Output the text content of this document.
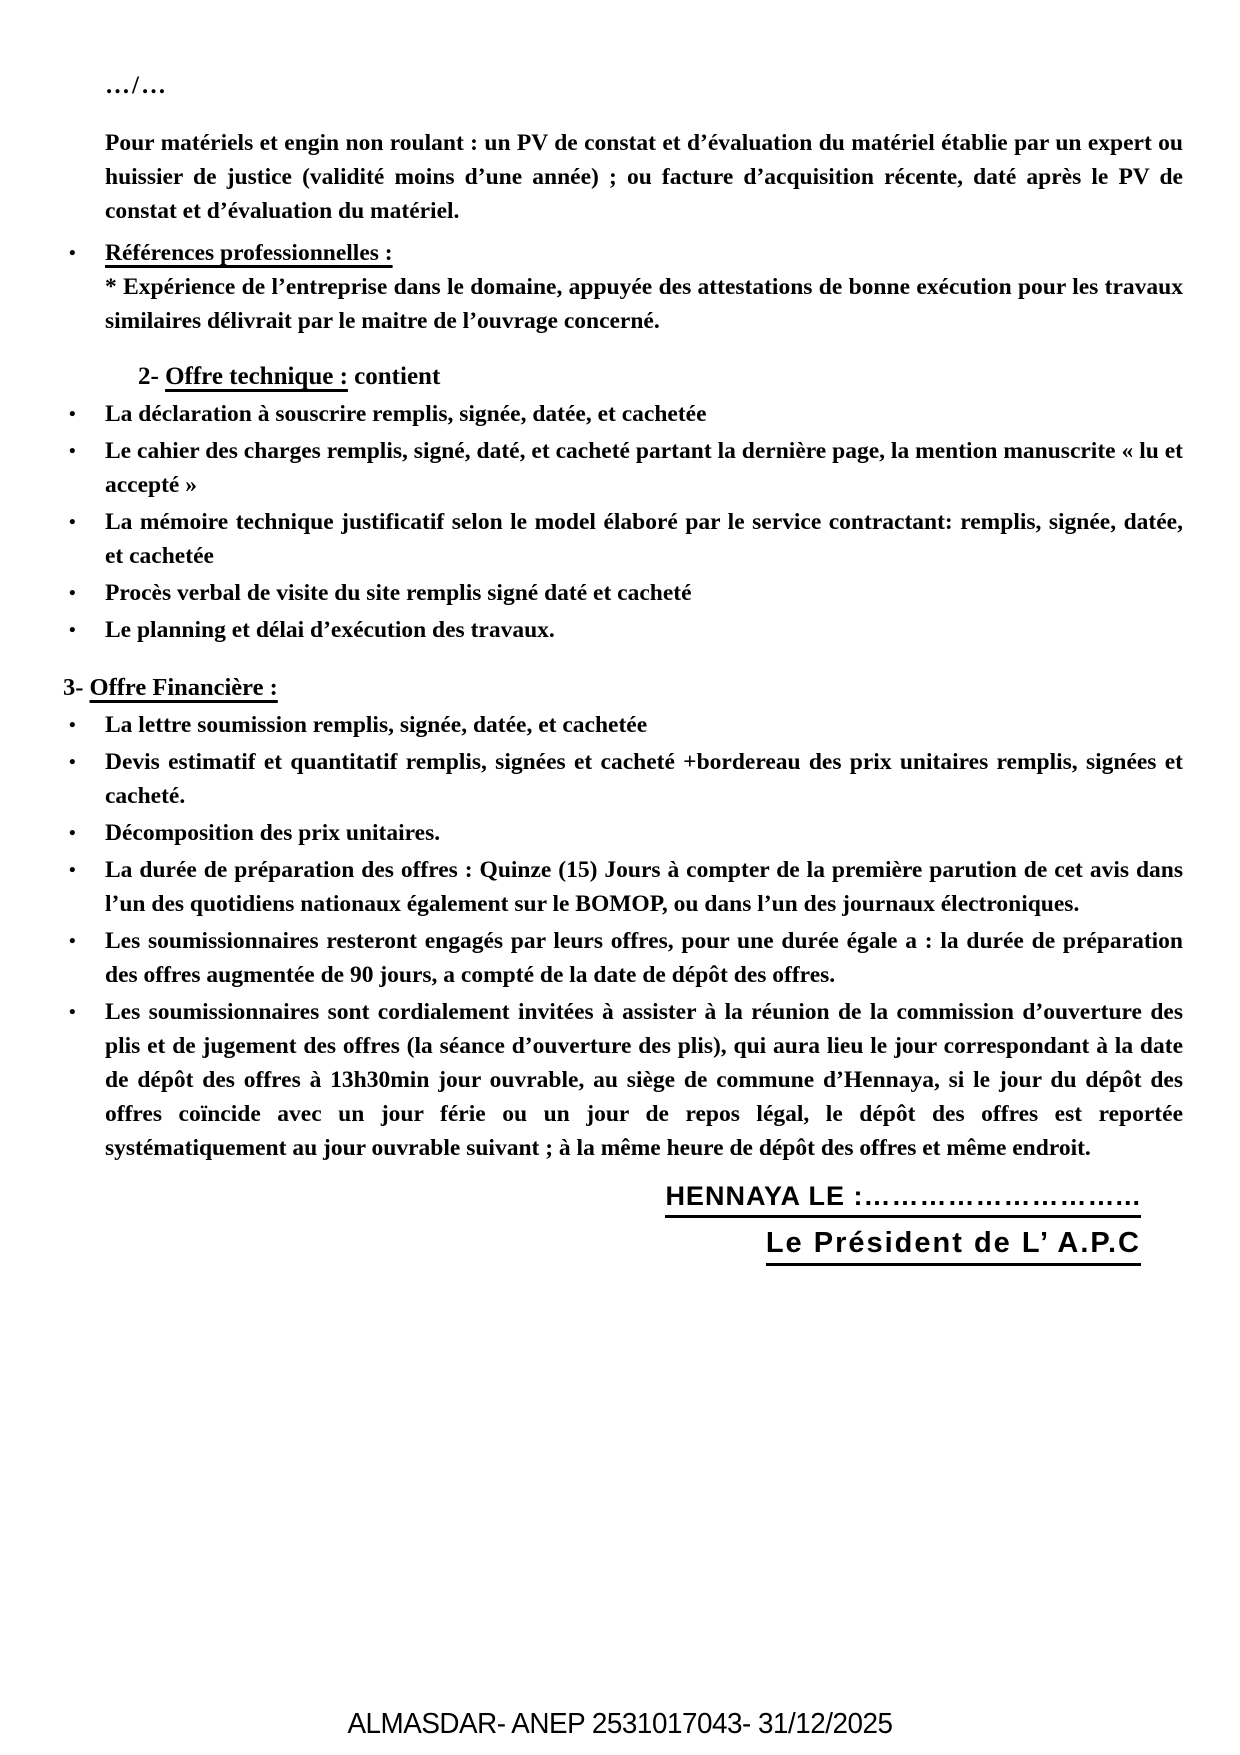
…/…

Pour matériels et engin non roulant : un PV de constat et d’évaluation du matériel établie par un expert ou huissier de justice (validité moins d’une année) ; ou facture d’acquisition récente, daté après le PV de constat et d’évaluation du matériel.

• Références professionnelles :
* Expérience de l’entreprise dans le domaine, appuyée des attestations de bonne exécution pour les travaux similaires délivrait par le maitre de l’ouvrage concerné.
2- Offre technique : contient
• La déclaration à souscrire remplis, signée, datée, et cachetée
• Le cahier des charges remplis, signé, daté, et cacheté partant la dernière page, la mention manuscrite « lu et accepté »
• La mémoire technique justificatif selon le model élaboré par le service contractant: remplis, signée, datée, et cachetée
• Procès verbal de visite du site remplis signé daté et cacheté
• Le planning et délai d’exécution des travaux.
3- Offre Financière :
• La lettre soumission remplis, signée, datée, et cachetée
• Devis estimatif et quantitatif remplis, signées et cacheté +bordereau des prix unitaires remplis, signées et cacheté.
• Décomposition des prix unitaires.
• La durée de préparation des offres : Quinze (15) Jours à compter de la première parution de cet avis dans l’un des quotidiens nationaux également sur le BOMOP, ou dans l’un des journaux électroniques.
• Les soumissionnaires resteront engagés par leurs offres, pour une durée égale a : la durée de préparation des offres augmentée de 90 jours, a compté de la date de dépôt des offres.
• Les soumissionnaires sont cordialement invitées à assister à la réunion de la commission d’ouverture des plis et de jugement des offres (la séance d’ouverture des plis), qui aura lieu le jour correspondant à la date de dépôt des offres à 13h30min jour ouvrable, au siège de commune d’Hennaya, si le jour du dépôt des offres coïncide avec un jour férie ou un jour de repos légal, le dépôt des offres est reportée systématiquement au jour ouvrable suivant ; à la même heure de dépôt des offres et même endroit.
HENNAYA LE :………………………...
Le Président de L’ A.P.C
ALMASDAR- ANEP 2531017043- 31/12/2025
